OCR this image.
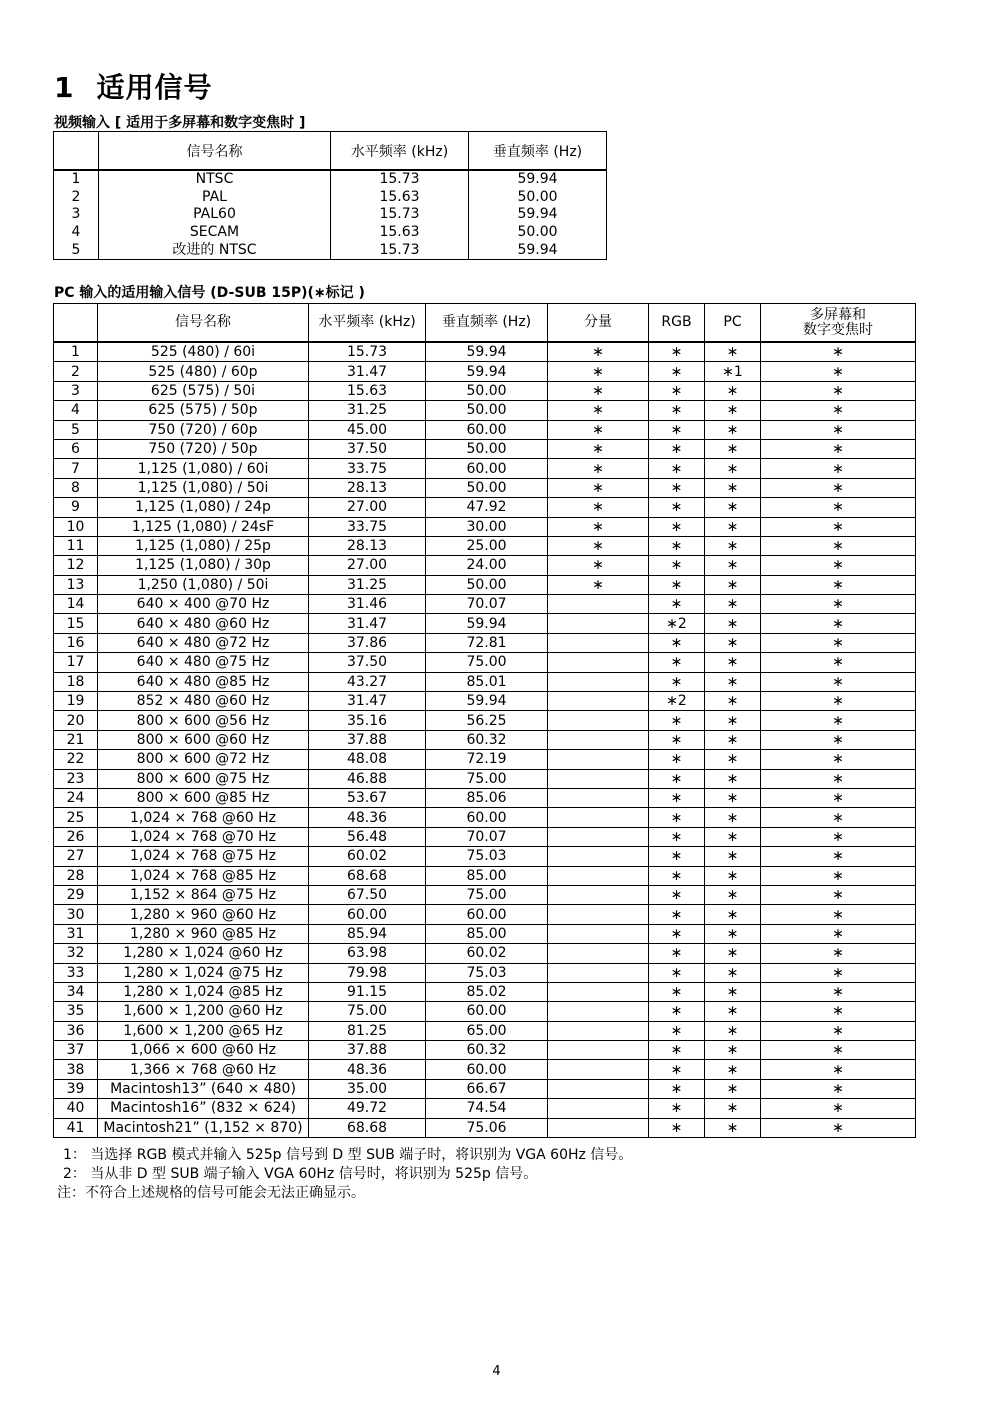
1 适用信号
视频输入 [ 适用于多屏幕和数字变焦时 ]
	信号名称	水平频率 (kHz)	垂直频率 (Hz)
1	NTSC	15.73	59.94
2	PAL	15.63	50.00
3	PAL60	15.73	59.94
4	SECAM	15.63	50.00
5	改进的 NTSC	15.73	59.94
PC 输入的适用输入信号 (D-SUB 15P)(∗标记 )
	信号名称	水平频率 (kHz)	垂直频率 (Hz)	分量	RGB	PC	多屏幕和
数字变焦时
1	525 (480) / 60i	15.73	59.94	∗	∗	∗	∗
2	525 (480) / 60p	31.47	59.94	∗	∗	∗1	∗
3	625 (575) / 50i	15.63	50.00	∗	∗	∗	∗
4	625 (575) / 50p	31.25	50.00	∗	∗	∗	∗
5	750 (720) / 60p	45.00	60.00	∗	∗	∗	∗
6	750 (720) / 50p	37.50	50.00	∗	∗	∗	∗
7	1,125 (1,080) / 60i	33.75	60.00	∗	∗	∗	∗
8	1,125 (1,080) / 50i	28.13	50.00	∗	∗	∗	∗
9	1,125 (1,080) / 24p	27.00	47.92	∗	∗	∗	∗
10	1,125 (1,080) / 24sF	33.75	30.00	∗	∗	∗	∗
11	1,125 (1,080) / 25p	28.13	25.00	∗	∗	∗	∗
12	1,125 (1,080) / 30p	27.00	24.00	∗	∗	∗	∗
13	1,250 (1,080) / 50i	31.25	50.00	∗	∗	∗	∗
14	640 × 400 @70 Hz	31.46	70.07		∗	∗	∗
15	640 × 480 @60 Hz	31.47	59.94		∗2	∗	∗
16	640 × 480 @72 Hz	37.86	72.81		∗	∗	∗
17	640 × 480 @75 Hz	37.50	75.00		∗	∗	∗
18	640 × 480 @85 Hz	43.27	85.01		∗	∗	∗
19	852 × 480 @60 Hz	31.47	59.94		∗2	∗	∗
20	800 × 600 @56 Hz	35.16	56.25		∗	∗	∗
21	800 × 600 @60 Hz	37.88	60.32		∗	∗	∗
22	800 × 600 @72 Hz	48.08	72.19		∗	∗	∗
23	800 × 600 @75 Hz	46.88	75.00		∗	∗	∗
24	800 × 600 @85 Hz	53.67	85.06		∗	∗	∗
25	1,024 × 768 @60 Hz	48.36	60.00		∗	∗	∗
26	1,024 × 768 @70 Hz	56.48	70.07		∗	∗	∗
27	1,024 × 768 @75 Hz	60.02	75.03		∗	∗	∗
28	1,024 × 768 @85 Hz	68.68	85.00		∗	∗	∗
29	1,152 × 864 @75 Hz	67.50	75.00		∗	∗	∗
30	1,280 × 960 @60 Hz	60.00	60.00		∗	∗	∗
31	1,280 × 960 @85 Hz	85.94	85.00		∗	∗	∗
32	1,280 × 1,024 @60 Hz	63.98	60.02		∗	∗	∗
33	1,280 × 1,024 @75 Hz	79.98	75.03		∗	∗	∗
34	1,280 × 1,024 @85 Hz	91.15	85.02		∗	∗	∗
35	1,600 × 1,200 @60 Hz	75.00	60.00		∗	∗	∗
36	1,600 × 1,200 @65 Hz	81.25	65.00		∗	∗	∗
37	1,066 × 600 @60 Hz	37.88	60.32		∗	∗	∗
38	1,366 × 768 @60 Hz	48.36	60.00		∗	∗	∗
39	Macintosh13” (640 × 480)	35.00	66.67		∗	∗	∗
40	Macintosh16” (832 × 624)	49.72	74.54		∗	∗	∗
41	Macintosh21” (1,152 × 870)	68.68	75.06		∗	∗	∗
1： 当选择 RGB 模式并输入 525p 信号到 D 型 SUB 端子时，将识别为 VGA 60Hz 信号。
2： 当从非 D 型 SUB 端子输入 VGA 60Hz 信号时，将识别为 525p 信号。
注：不符合上述规格的信号可能会无法正确显示。
4
